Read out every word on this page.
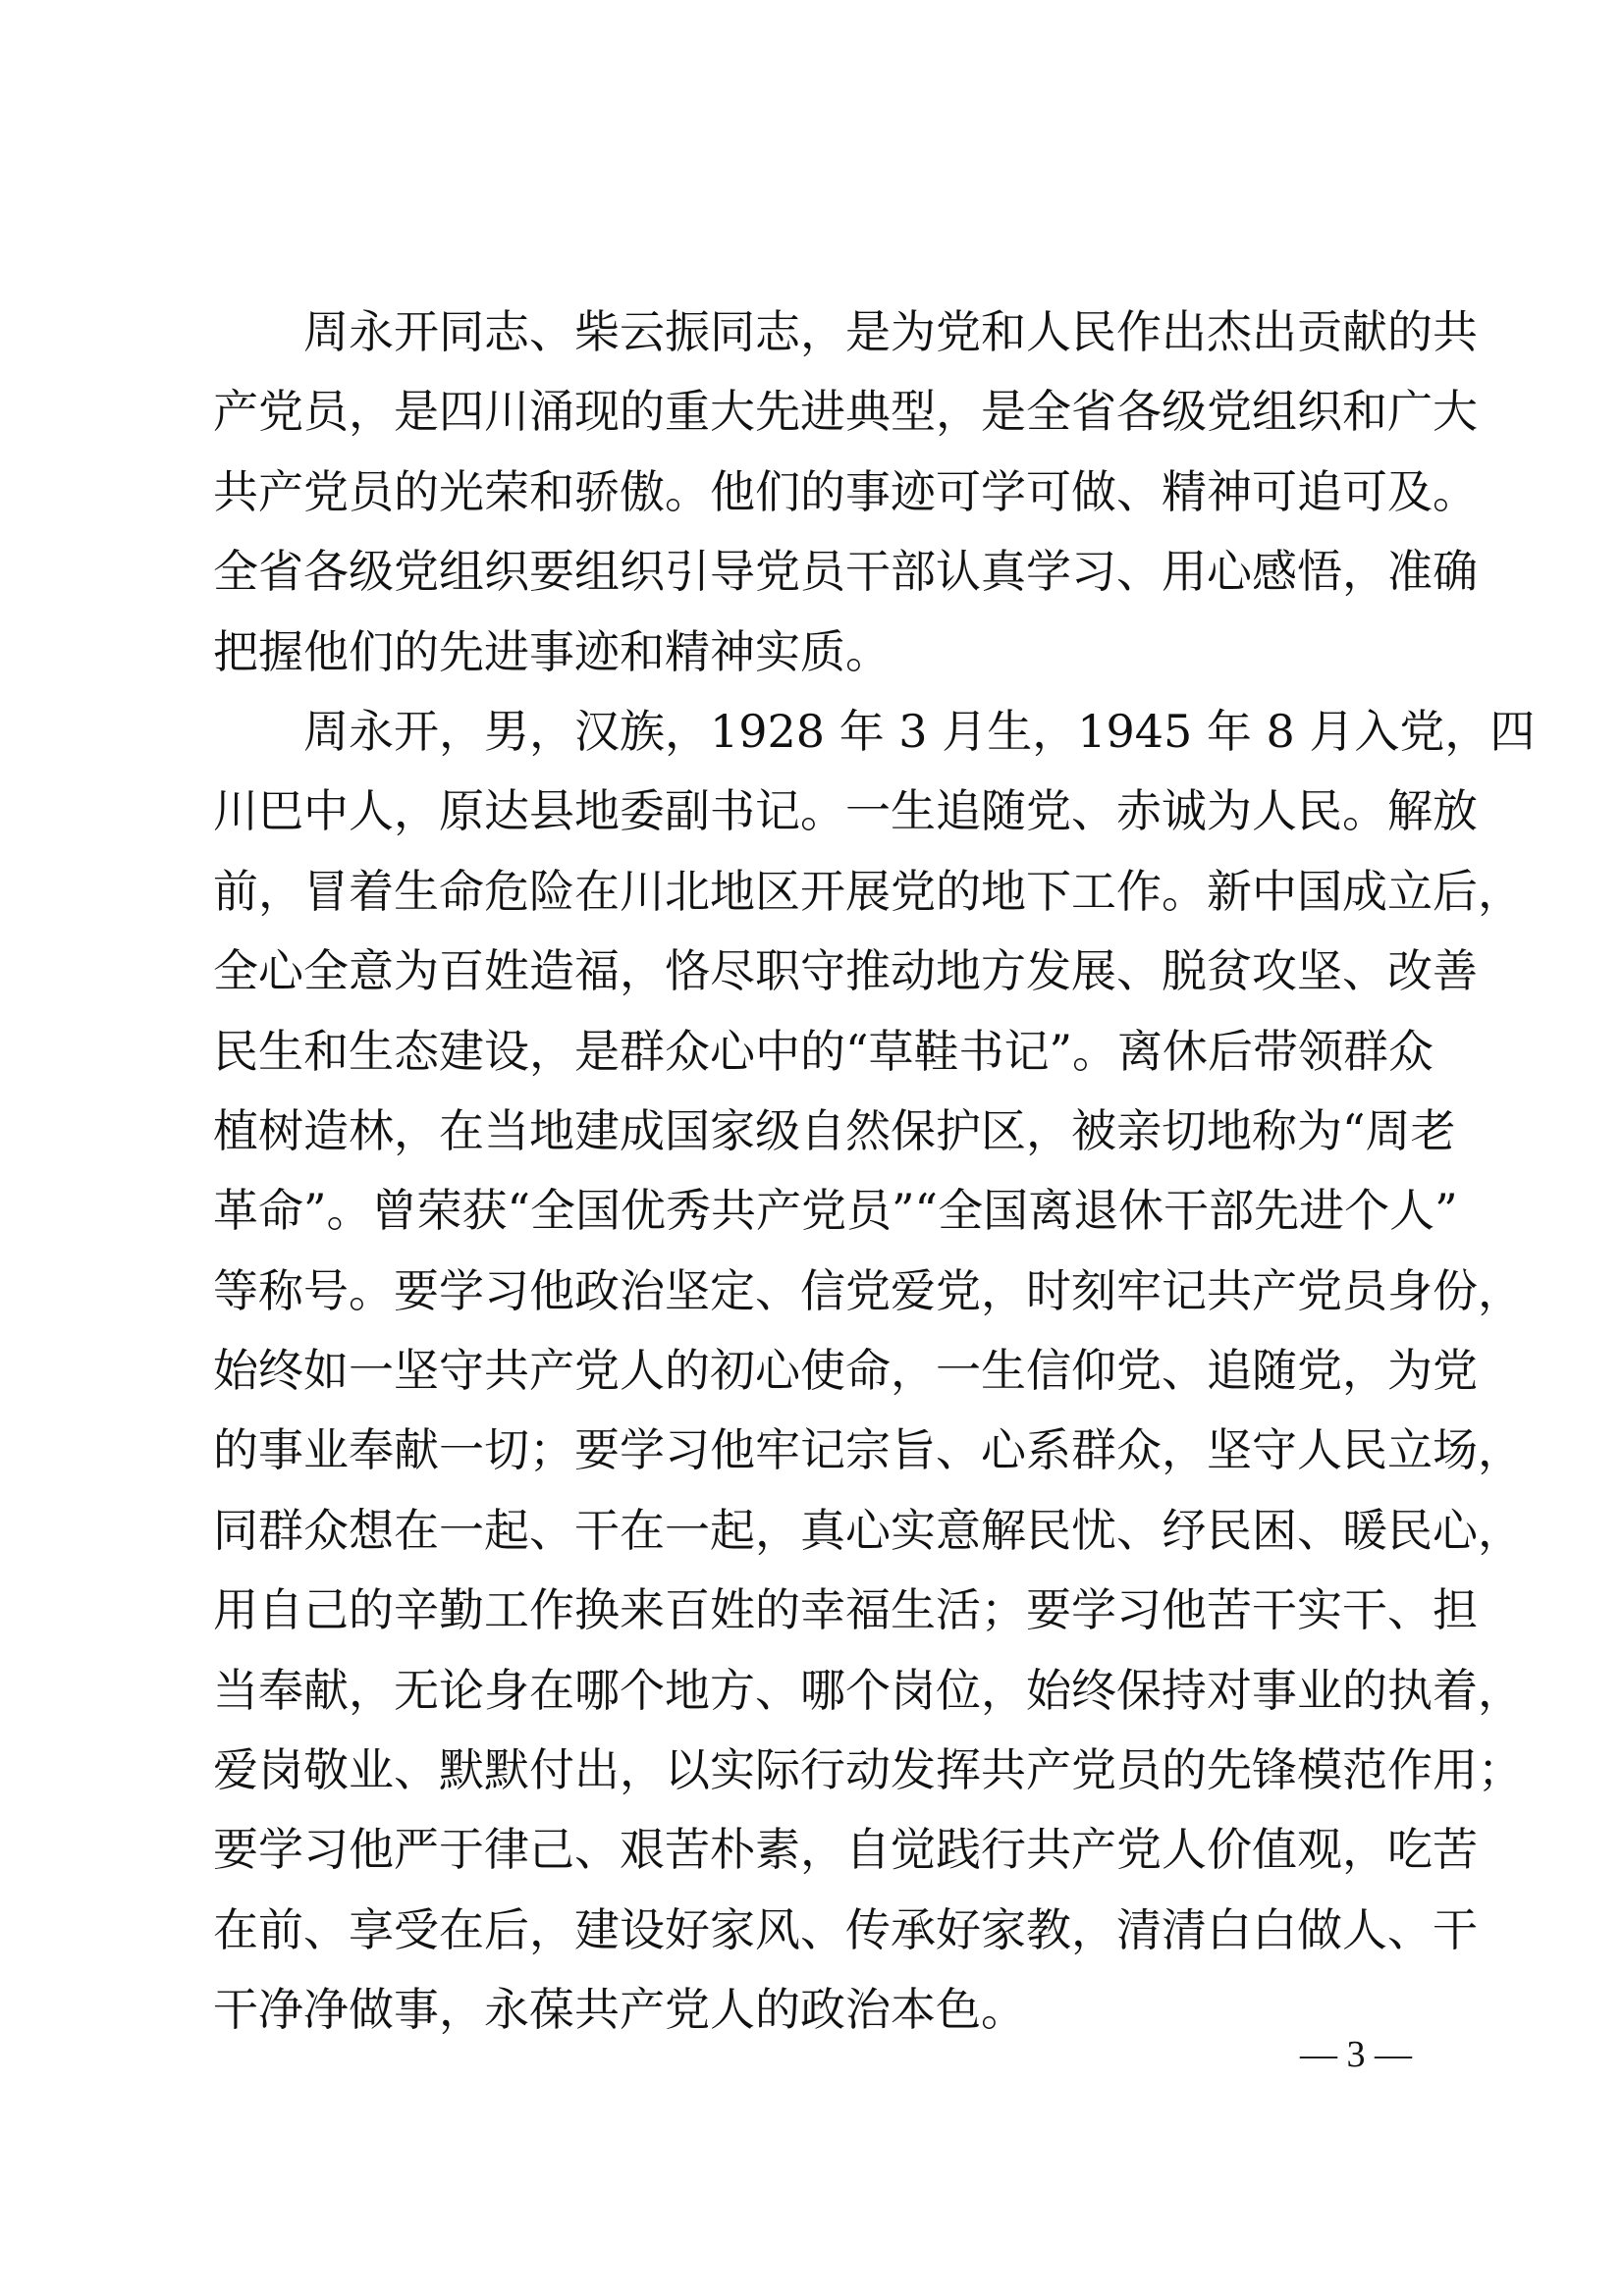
　　周永开同志、柴云振同志，是为党和人民作出杰出贡献的共
产党员，是四川涌现的重大先进典型，是全省各级党组织和广大
共产党员的光荣和骄傲。他们的事迹可学可做、精神可追可及。
全省各级党组织要组织引导党员干部认真学习、用心感悟，准确
把握他们的先进事迹和精神实质。
　　周永开，男，汉族，1928 年 3 月生，1945 年 8 月入党，四
川巴中人，原达县地委副书记。一生追随党、赤诚为人民。解放
前，冒着生命危险在川北地区开展党的地下工作。新中国成立后，
全心全意为百姓造福，恪尽职守推动地方发展、脱贫攻坚、改善
民生和生态建设，是群众心中的“草鞋书记”。离休后带领群众
植树造林，在当地建成国家级自然保护区，被亲切地称为“周老
革命”。曾荣获“全国优秀共产党员”“全国离退休干部先进个人”
等称号。要学习他政治坚定、信党爱党，时刻牢记共产党员身份，
始终如一坚守共产党人的初心使命，一生信仰党、追随党，为党
的事业奉献一切；要学习他牢记宗旨、心系群众，坚守人民立场，
同群众想在一起、干在一起，真心实意解民忧、纾民困、暖民心，
用自己的辛勤工作换来百姓的幸福生活；要学习他苦干实干、担
当奉献，无论身在哪个地方、哪个岗位，始终保持对事业的执着，
爱岗敬业、默默付出，以实际行动发挥共产党员的先锋模范作用；
要学习他严于律己、艰苦朴素，自觉践行共产党人价值观，吃苦
在前、享受在后，建设好家风、传承好家教，清清白白做人、干
干净净做事，永葆共产党人的政治本色。
— 3 —
